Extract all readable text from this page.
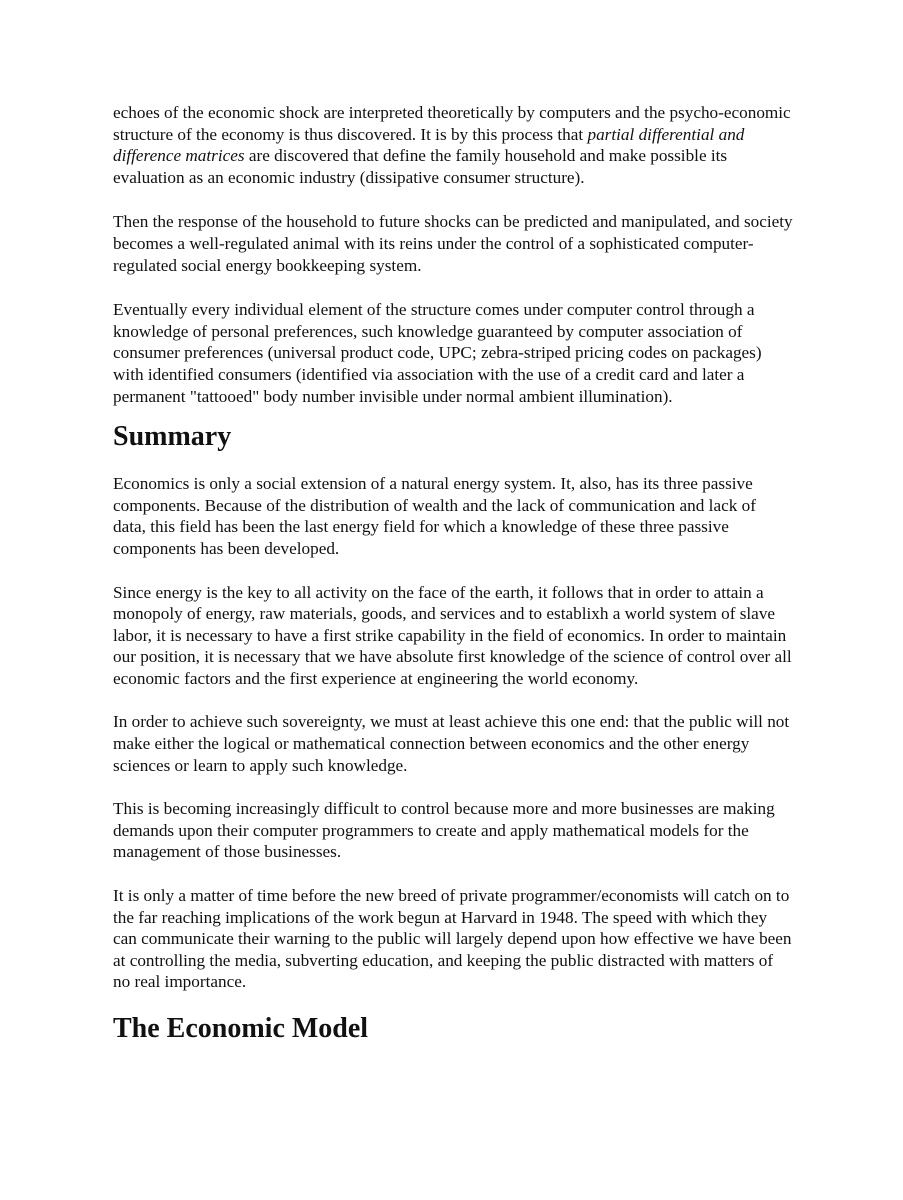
echoes of the economic shock are interpreted theoretically by computers and the psycho-economic structure of the economy is thus discovered. It is by this process that partial differential and difference matrices are discovered that define the family household and make possible its evaluation as an economic industry (dissipative consumer structure).

Then the response of the household to future shocks can be predicted and manipulated, and society becomes a well-regulated animal with its reins under the control of a sophisticated computer-regulated social energy bookkeeping system.

Eventually every individual element of the structure comes under computer control through a knowledge of personal preferences, such knowledge guaranteed by computer association of consumer preferences (universal product code, UPC; zebra-striped pricing codes on packages) with identified consumers (identified via association with the use of a credit card and later a permanent "tattooed" body number invisible under normal ambient illumination).

Summary

Economics is only a social extension of a natural energy system. It, also, has its three passive components. Because of the distribution of wealth and the lack of communication and lack of data, this field has been the last energy field for which a knowledge of these three passive components has been developed.

Since energy is the key to all activity on the face of the earth, it follows that in order to attain a monopoly of energy, raw materials, goods, and services and to establixh a world system of slave labor, it is necessary to have a first strike capability in the field of economics. In order to maintain our position, it is necessary that we have absolute first knowledge of the science of control over all economic factors and the first experience at engineering the world economy.

In order to achieve such sovereignty, we must at least achieve this one end: that the public will not make either the logical or mathematical connection between economics and the other energy sciences or learn to apply such knowledge.

This is becoming increasingly difficult to control because more and more businesses are making demands upon their computer programmers to create and apply mathematical models for the management of those businesses.

It is only a matter of time before the new breed of private programmer/economists will catch on to the far reaching implications of the work begun at Harvard in 1948. The speed with which they can communicate their warning to the public will largely depend upon how effective we have been at controlling the media, subverting education, and keeping the public distracted with matters of no real importance.

The Economic Model
